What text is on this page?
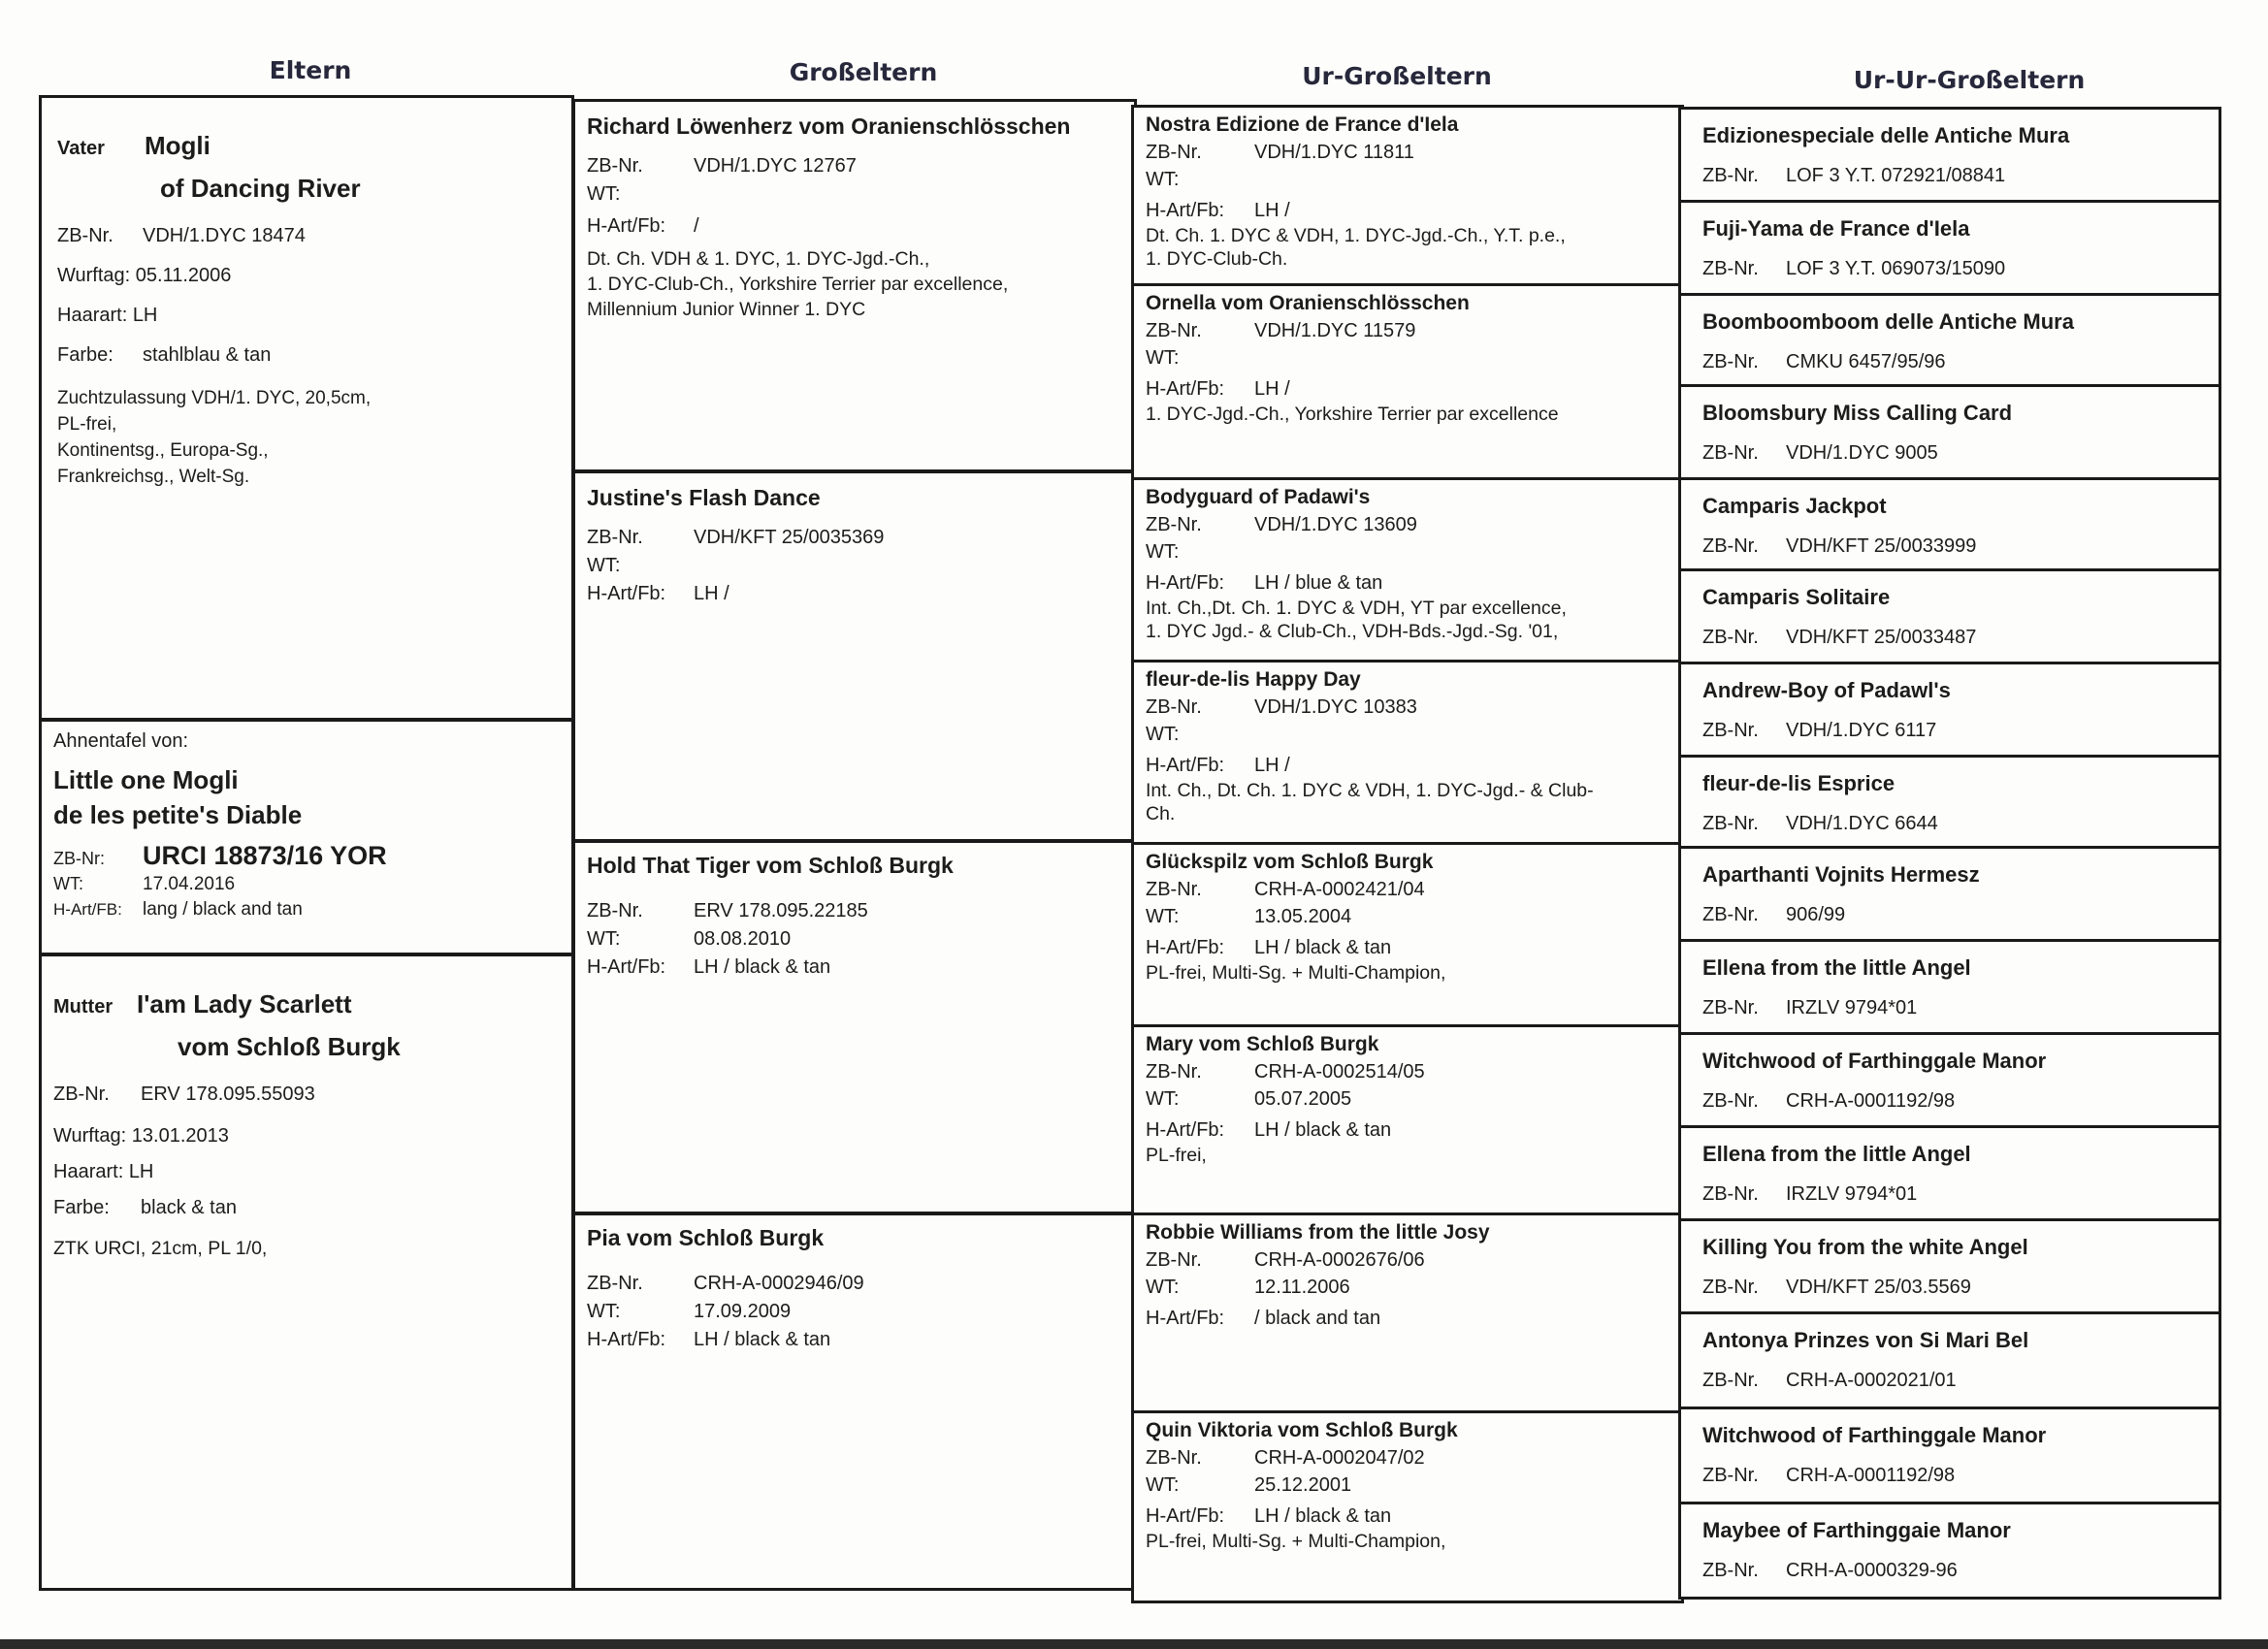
Eltern	Großeltern	Ur-Großeltern	Ur-Ur-Großeltern
Vater	Mogli
of Dancing River
ZB-Nr. VDH/1.DYC 18474
Wurftag: 05.11.2006
Haarart: LH
Farbe: stahlblau & tan
Zuchtzulassung VDH/1. DYC, 20,5cm,
PL-frei,
Kontinentsg., Europa-Sg.,
Frankreichsg., Welt-Sg.
Ahnentafel von:
Little one Mogli
de les petite's Diable
ZB-Nr:	URCI 18873/16 YOR
WT:	17.04.2016
H-Art/FB: lang / black and tan
Mutter I'am Lady Scarlett
vom Schloß Burgk
ZB-Nr. ERV 178.095.55093
Wurftag: 13.01.2013
Haarart: LH
Farbe: black & tan
ZTK URCI, 21cm, PL 1/0,
Richard Löwenherz vom Oranienschlösschen
ZB-Nr.	VDH/1.DYC 12767
WT:
H-Art/Fb: /
Dt. Ch. VDH & 1. DYC, 1. DYC-Jgd.-Ch.,
1. DYC-Club-Ch., Yorkshire Terrier par excellence,
Millennium Junior Winner 1. DYC
Justine's Flash Dance
ZB-Nr.	VDH/KFT 25/0035369
WT:
H-Art/Fb: LH /
Hold That Tiger vom Schloß Burgk
ZB-Nr.	ERV 178.095.22185
WT:	08.08.2010
H-Art/Fb: LH / black & tan
Pia vom Schloß Burgk
ZB-Nr.	CRH-A-0002946/09
WT:	17.09.2009
H-Art/Fb: LH / black & tan
Nostra Edizione de France d'Iela
ZB-Nr.	VDH/1.DYC 11811
WT:
H-Art/Fb: LH /
Dt. Ch. 1. DYC & VDH, 1. DYC-Jgd.-Ch., Y.T. p.e.,
1. DYC-Club-Ch.
Ornella vom Oranienschlösschen
ZB-Nr.	VDH/1.DYC 11579
WT:
H-Art/Fb: LH /
1. DYC-Jgd.-Ch., Yorkshire Terrier par excellence
Bodyguard of Padawi's
ZB-Nr.	VDH/1.DYC 13609
WT:
H-Art/Fb: LH / blue & tan
Int. Ch.,Dt. Ch. 1. DYC & VDH, YT par excellence,
1. DYC Jgd.- & Club-Ch., VDH-Bds.-Jgd.-Sg. '01,
fleur-de-lis Happy Day
ZB-Nr.	VDH/1.DYC 10383
WT:
H-Art/Fb: LH /
Int. Ch., Dt. Ch. 1. DYC & VDH, 1. DYC-Jgd.- & Club-
Ch.
Glückspilz vom Schloß Burgk
ZB-Nr.	CRH-A-0002421/04
WT:	13.05.2004
H-Art/Fb: LH / black & tan
PL-frei, Multi-Sg. + Multi-Champion,
Mary vom Schloß Burgk
ZB-Nr.	CRH-A-0002514/05
WT:	05.07.2005
H-Art/Fb: LH / black & tan
PL-frei,
Robbie Williams from the little Josy
ZB-Nr.	CRH-A-0002676/06
WT:	12.11.2006
H-Art/Fb: / black and tan
Quin Viktoria vom Schloß Burgk
ZB-Nr.	CRH-A-0002047/02
WT:	25.12.2001
H-Art/Fb: LH / black & tan
PL-frei, Multi-Sg. + Multi-Champion,
Edizionespeciale delle Antiche Mura
ZB-Nr. LOF 3 Y.T. 072921/08841
Fuji-Yama de France d'Iela
ZB-Nr. LOF 3 Y.T. 069073/15090
Boomboomboom delle Antiche Mura
ZB-Nr. CMKU 6457/95/96
Bloomsbury Miss Calling Card
ZB-Nr. VDH/1.DYC 9005
Camparis Jackpot
ZB-Nr. VDH/KFT 25/0033999
Camparis Solitaire
ZB-Nr. VDH/KFT 25/0033487
Andrew-Boy of Padawl's
ZB-Nr. VDH/1.DYC 6117
fleur-de-lis Esprice
ZB-Nr. VDH/1.DYC 6644
Aparthanti Vojnits Hermesz
ZB-Nr. 906/99
Ellena from the little Angel
ZB-Nr. IRZLV 9794*01
Witchwood of Farthinggale Manor
ZB-Nr. CRH-A-0001192/98
Ellena from the little Angel
ZB-Nr. IRZLV 9794*01
Killing You from the white Angel
ZB-Nr. VDH/KFT 25/03.5569
Antonya Prinzes von Si Mari Bel
ZB-Nr. CRH-A-0002021/01
Witchwood of Farthinggale Manor
ZB-Nr. CRH-A-0001192/98
Maybee of Farthinggaie Manor
ZB-Nr. CRH-A-0000329-96
